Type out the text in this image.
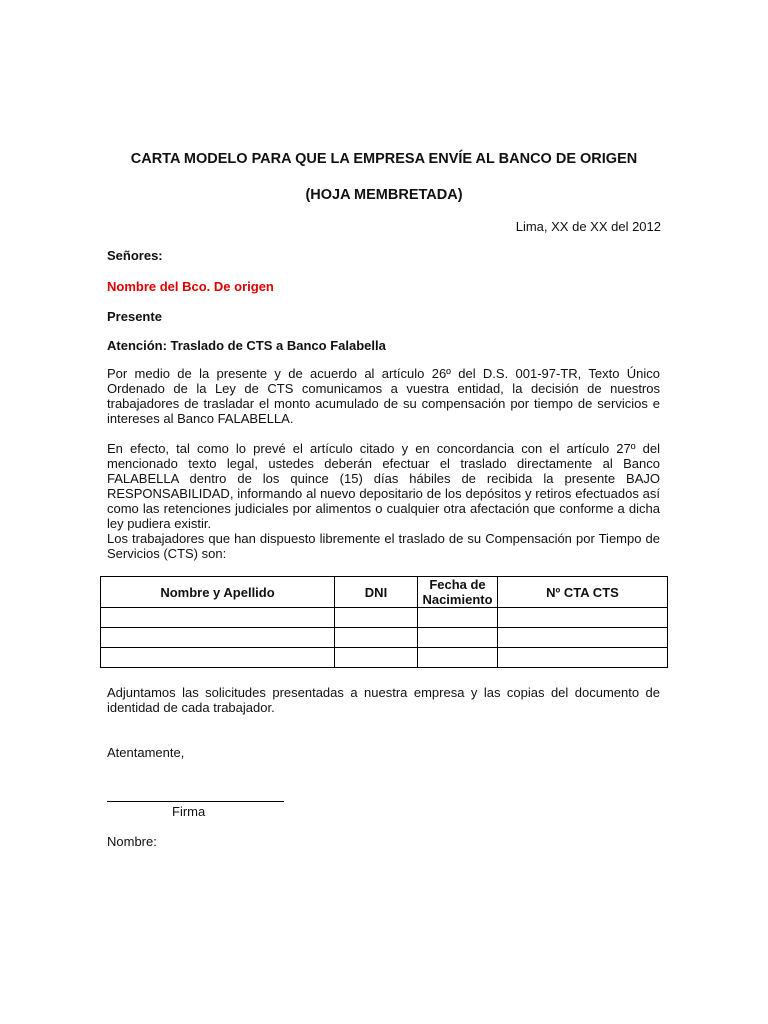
CARTA MODELO PARA QUE LA EMPRESA ENVÍE AL BANCO DE ORIGEN
(HOJA MEMBRETADA)
Lima, XX de XX del 2012
Señores:
Nombre del Bco. De origen
Presente
Atención: Traslado de CTS a Banco Falabella
Por medio de la presente y de acuerdo al artículo 26º del D.S. 001-97-TR, Texto Único Ordenado de la Ley de CTS comunicamos a vuestra entidad, la decisión de nuestros trabajadores de trasladar el monto acumulado de su compensación por tiempo de servicios e intereses al Banco FALABELLA.
En efecto, tal como lo prevé el artículo citado y en concordancia con el artículo 27º del mencionado texto legal, ustedes deberán efectuar el traslado directamente al Banco FALABELLA dentro de los quince (15) días hábiles de recibida la presente BAJO RESPONSABILIDAD, informando al nuevo depositario de los depósitos y retiros efectuados así como las retenciones judiciales por alimentos o cualquier otra afectación que conforme a dicha ley pudiera existir.
Los trabajadores que han dispuesto libremente el traslado de su Compensación por Tiempo de Servicios (CTS) son:
Nombre y Apellido	DNI	Fecha de Nacimiento	Nº CTA CTS

Adjuntamos las solicitudes presentadas a nuestra empresa y las copias del documento de identidad de cada trabajador.
Atentamente,
Firma
Nombre:
